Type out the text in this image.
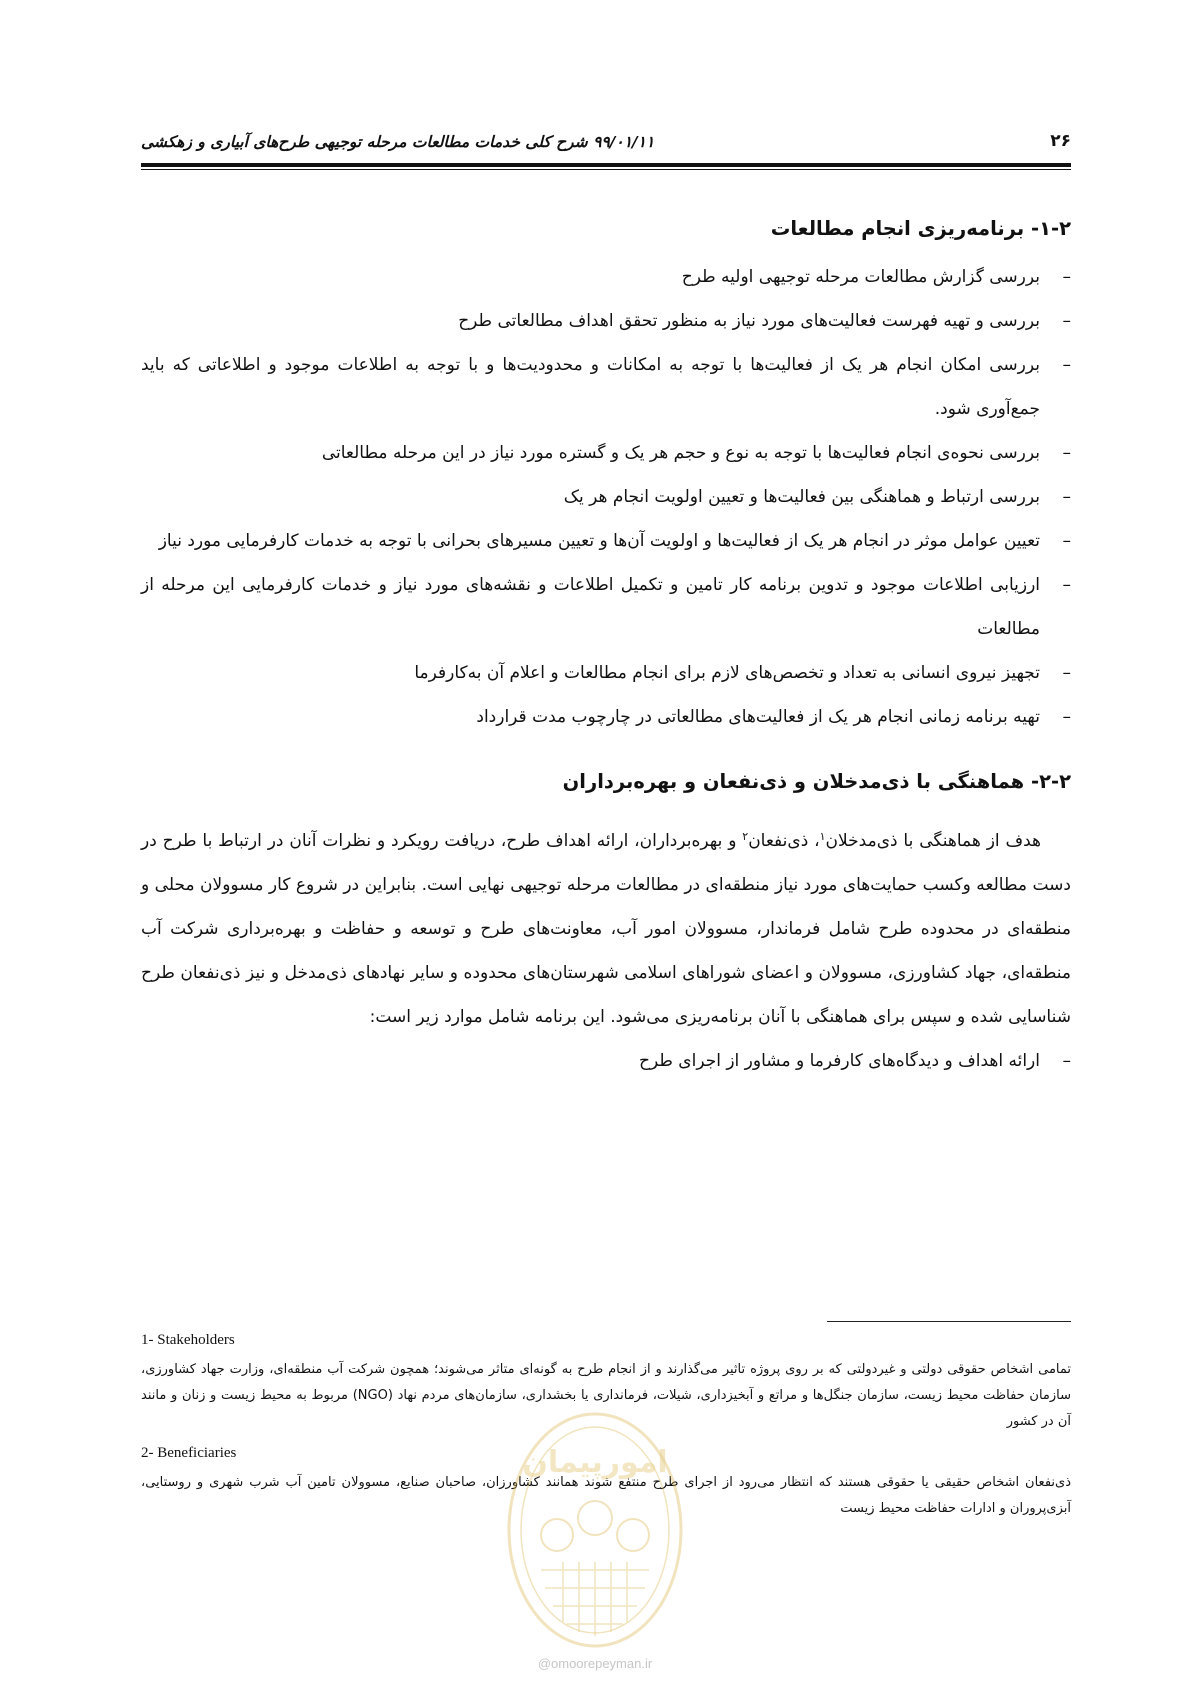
۲۶
۹۹/۰۱/۱۱ شرح کلی خدمات مطالعات مرحله توجیهی طرح‌های آبیاری و زهکشی
۱-۲- برنامه‌ریزی انجام مطالعات
–
بررسی گزارش مطالعات مرحله توجیهی اولیه طرح
–
بررسی و تهیه فهرست فعالیت‌های مورد نیاز به منظور تحقق اهداف مطالعاتی طرح
–
بررسی امکان انجام هر یک از فعالیت‌ها با توجه به امکانات و محدودیت‌ها و با توجه به اطلاعات موجود و اطلاعاتی که باید جمع‌آوری شود.
–
بررسی نحوه‌ی انجام فعالیت‌ها با توجه به نوع و حجم هر یک و گستره مورد نیاز در این مرحله مطالعاتی
–
بررسی ارتباط و هماهنگی بین فعالیت‌ها و تعیین اولویت انجام هر یک
–
تعیین عوامل موثر در انجام هر یک از فعالیت‌ها و اولویت آن‌ها و تعیین مسیرهای بحرانی با توجه به خدمات کارفرمایی مورد نیاز
–
ارزیابی اطلاعات موجود و تدوین برنامه کار تامین و تکمیل اطلاعات و نقشه‌های مورد نیاز و خدمات کارفرمایی این مرحله از مطالعات
–
تجهیز نیروی انسانی به تعداد و تخصص‌های لازم برای انجام مطالعات و اعلام آن به‌کارفرما
–
تهیه برنامه زمانی انجام هر یک از فعالیت‌های مطالعاتی در چارچوب مدت قرارداد
۲-۲- هماهنگی با ذی‌مدخلان و ذی‌نفعان و بهره‌برداران

هدف از هماهنگی با ذی‌مدخلان$^۱$، ذی‌نفعان$^۲$ و بهره‌برداران، ارائه اهداف طرح، دریافت رویکرد و نظرات آنان در ارتباط با طرح در دست مطالعه وکسب حمایت‌های مورد نیاز منطقه‌ای در مطالعات مرحله توجیهی نهایی است. بنابراین در شروع کار مسوولان محلی و منطقه‌ای در محدوده طرح شامل فرماندار، مسوولان امور آب، معاونت‌های طرح و توسعه و حفاظت و بهره‌برداری شرکت آب منطقه‌ای، جهاد کشاورزی، مسوولان و اعضای شوراهای اسلامی شهرستان‌های محدوده و سایر نهادهای ذی‌مدخل و نیز ذی‌نفعان طرح شناسایی شده و سپس برای هماهنگی با آنان برنامه‌ریزی می‌شود. این برنامه شامل موارد زیر است:

–
ارائه اهداف و دیدگاه‌های کارفرما و مشاور از اجرای طرح
1- Stakeholders
تمامی اشخاص حقوقی دولتی و غیردولتی که بر روی پروژه تاثیر می‌گذارند و از انجام طرح به گونه‌ای متاثر می‌شوند؛ همچون شرکت آب منطقه‌ای، وزارت جهاد کشاورزی، سازمان حفاظت محیط زیست، سازمان جنگل‌ها و مراتع و آبخیزداری، شیلات، فرمانداری یا بخشداری، سازمان‌های مردم نهاد (NGO) مربوط به محیط زیست و زنان و مانند آن در کشور
2- Beneficiaries
ذی‌نفعان اشخاص حقیقی یا حقوقی هستند که انتظار می‌رود از اجرای طرح منتفع شوند همانند کشاورزان، صاحبان صنایع، مسوولان تامین آب شرب شهری و روستایی، آبزی‌پروران و ادارات حفاظت محیط زیست
امورپیمان
@omoorepeyman.ir
